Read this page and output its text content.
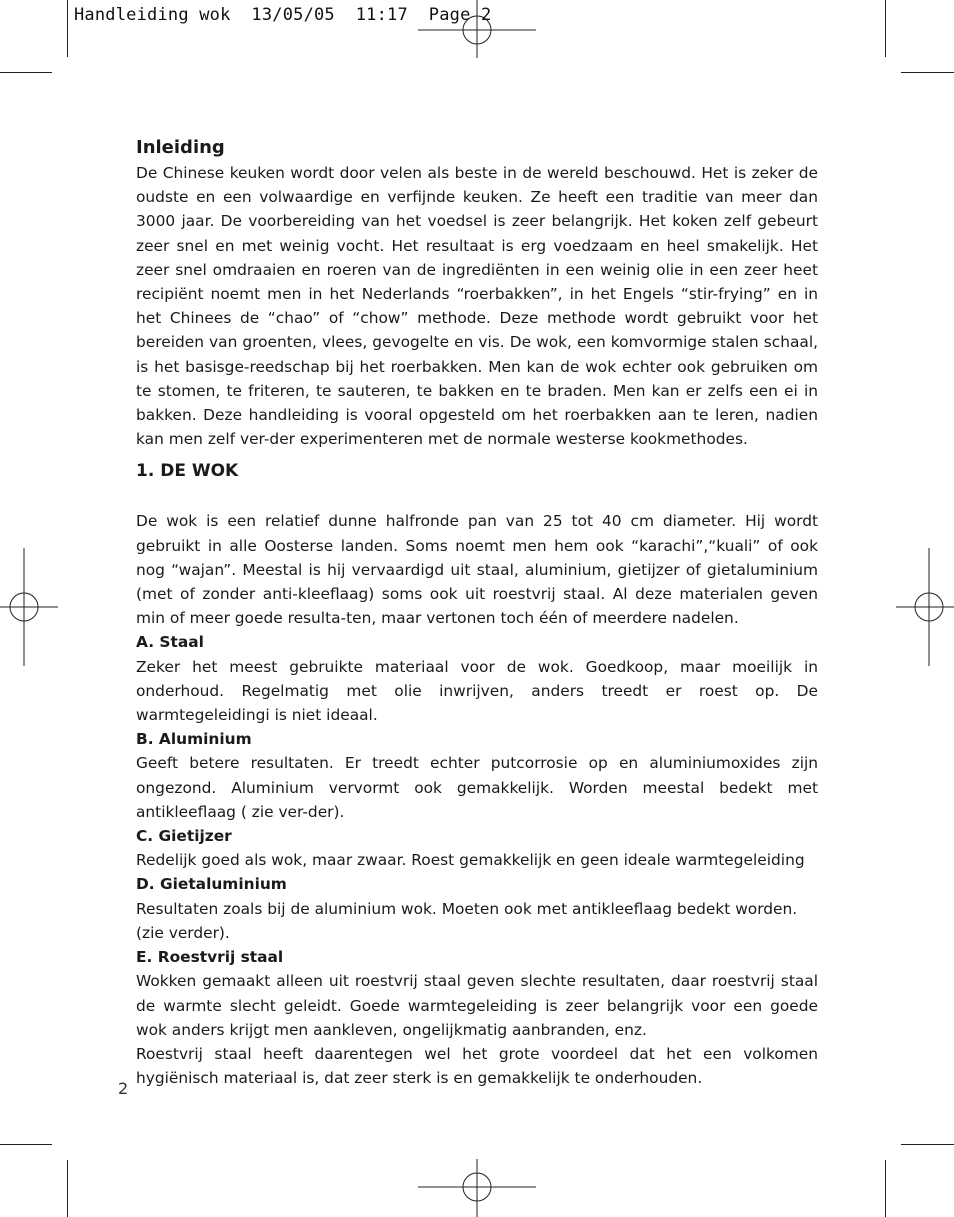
Handleiding wok  13/05/05  11:17  Page 2
Inleiding

De Chinese keuken wordt door velen als beste in de wereld beschouwd. Het is zeker de oudste en een volwaardige en verfijnde keuken. Ze heeft een traditie van meer dan 3000 jaar. De voorbereiding van het voedsel is zeer belangrijk. Het koken zelf gebeurt zeer snel en met weinig vocht. Het resultaat is erg voedzaam en heel smakelijk. Het zeer snel omdraaien en roeren van de ingrediënten in een weinig olie in een zeer heet recipiënt noemt men in het Nederlands “roerbakken”, in het Engels “stir-frying” en in het Chinees de “chao” of “chow” methode. Deze methode wordt gebruikt voor het bereiden van groenten, vlees, gevogelte en vis. De wok, een komvormige stalen schaal, is het basisge-reedschap bij het roerbakken. Men kan de wok echter ook gebruiken om te stomen, te friteren, te sauteren, te bakken en te braden. Men kan er zelfs een ei in bakken. Deze handleiding is vooral opgesteld om het roerbakken aan te leren, nadien kan men zelf ver-der experimenteren met de normale westerse kookmethodes.

1. DE WOK

De wok is een relatief dunne halfronde pan van 25 tot 40 cm diameter. Hij wordt gebruikt in alle Oosterse landen. Soms noemt men hem ook “karachi”,“kuali” of ook nog “wajan”. Meestal is hij vervaardigd uit staal, aluminium, gietijzer of gietaluminium (met of zonder anti-kleeflaag) soms ook uit roestvrij staal. Al deze materialen geven min of meer goede resulta-ten, maar vertonen toch één of meerdere nadelen.

A. Staal

Zeker het meest gebruikte materiaal voor de wok. Goedkoop, maar moeilijk in onderhoud. Regelmatig met olie inwrijven, anders treedt er roest op. De warmtegeleidingi is niet ideaal.

B. Aluminium

Geeft betere resultaten. Er treedt echter putcorrosie op en aluminiumoxides zijn ongezond. Aluminium vervormt ook gemakkelijk. Worden meestal bedekt met antikleeflaag ( zie ver-der).

C. Gietijzer

Redelijk goed als wok, maar zwaar. Roest gemakkelijk en geen ideale warmtegeleiding

D. Gietaluminium

Resultaten zoals bij de aluminium wok. Moeten ook met antikleeflaag bedekt worden.

(zie verder).

E. Roestvrij staal

Wokken gemaakt alleen uit roestvrij staal geven slechte resultaten, daar roestvrij staal de warmte slecht geleidt. Goede warmtegeleiding is zeer belangrijk voor een goede wok anders krijgt men aankleven, ongelijkmatig aanbranden, enz.

Roestvrij staal heeft daarentegen wel het grote voordeel dat het een volkomen hygiënisch materiaal is, dat zeer sterk is en gemakkelijk te onderhouden.

2
